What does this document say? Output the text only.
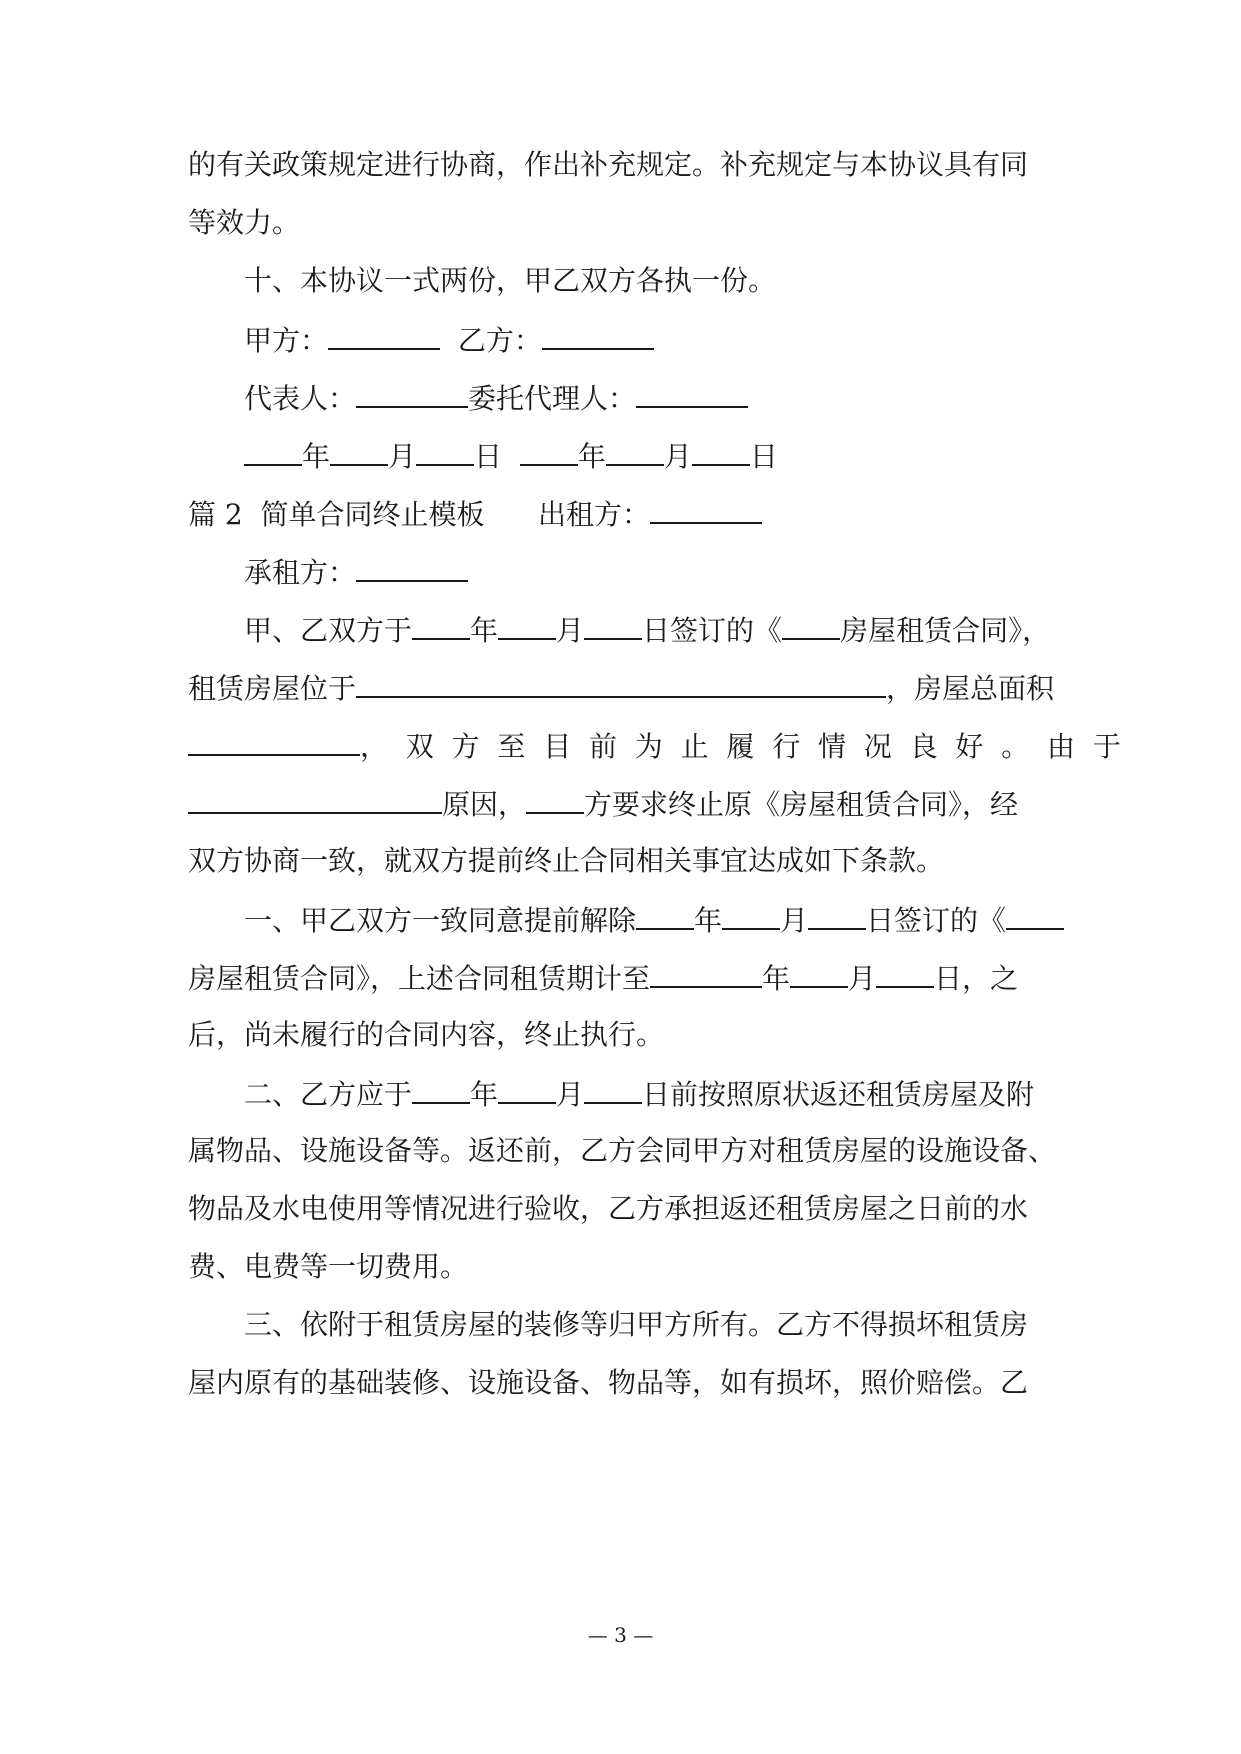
的有关政策规定进行协商，作出补充规定。补充规定与本协议具有同
等效力。
十、本协议一式两份，甲乙双方各执一份。
甲方：	乙方：
代表人：	委托代理人：
年 月 日	年 月 日
篇 2  简单合同终止模板 出租方：
承租方：
甲、乙双方于 年 月 日签订的《 房屋租赁合同》，
租赁房屋位于	，房屋总面积
，  双  方  至  目  前  为  止  履  行  情  况  良  好  。  由  于
原因， 方要求终止原《房屋租赁合同》，经
双方协商一致，就双方提前终止合同相关事宜达成如下条款。
一、甲乙双方一致同意提前解除 年 月 日签订的《
房屋租赁合同》，上述合同租赁期计至	年 月 日，之
后，尚未履行的合同内容，终止执行。
二、乙方应于 年 月 日前按照原状返还租赁房屋及附
属物品、设施设备等。返还前，乙方会同甲方对租赁房屋的设施设备、
物品及水电使用等情况进行验收，乙方承担返还租赁房屋之日前的水
费、电费等一切费用。
三、依附于租赁房屋的装修等归甲方所有。乙方不得损坏租赁房
屋内原有的基础装修、设施设备、物品等，如有损坏，照价赔偿。乙
— 3 —
